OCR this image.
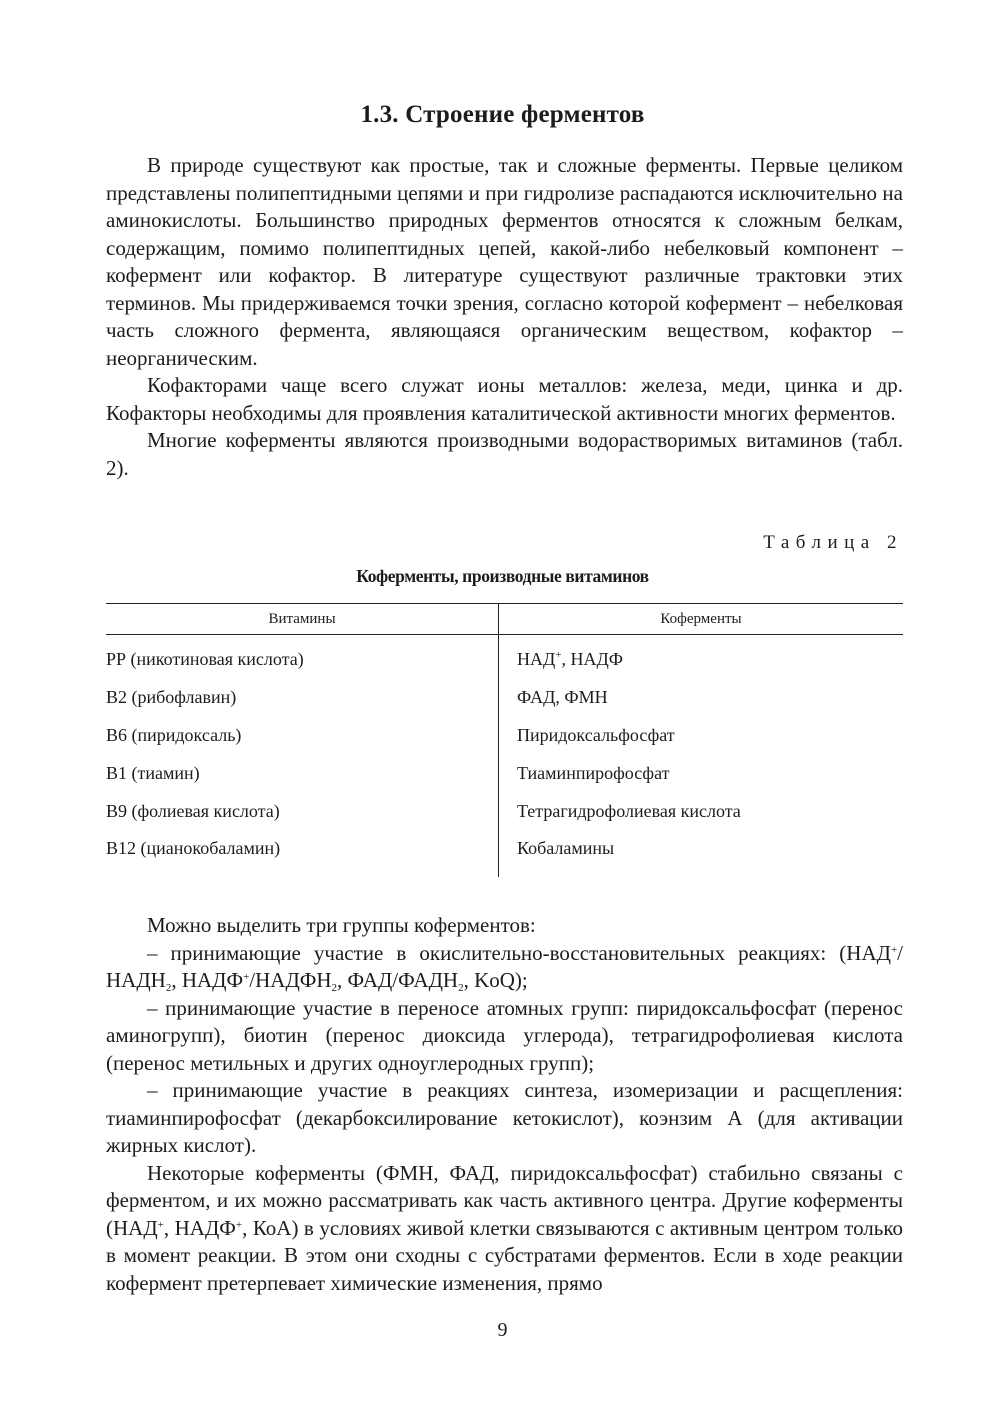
1.3. Строение ферментов

В природе существуют как простые, так и сложные ферменты. Первые целиком представлены полипептидными цепями и при гидролизе распадаются исключительно на аминокислоты. Большинство природных ферментов относятся к сложным белкам, содержащим, помимо полипептидных цепей, какой-либо небелковый компонент – кофермент или кофактор. В литературе существуют различные трактовки этих терминов. Мы придерживаемся точки зрения, согласно которой кофермент – небелковая часть сложного фермента, являющаяся органическим веществом, кофактор – неорганическим.

Кофакторами чаще всего служат ионы металлов: железа, меди, цинка и др. Кофакторы необходимы для проявления каталитической активности многих ферментов.

Многие коферменты являются производными водорастворимых витаминов (табл. 2).

Таблица 2
Коферменты, производные витаминов
Витамины	Коферменты
РР (никотиновая кислота)
В2 (рибофлавин)
В6 (пиридоксаль)
В1 (тиамин)
В9 (фолиевая кислота)
В12 (цианокобаламин)
НАД+, НАДФ
ФАД, ФМН
Пиридоксальфосфат
Тиаминпирофосфат
Тетрагидрофолиевая кислота
Кобаламины

Можно выделить три группы коферментов:

– принимающие участие в окислительно-восстановительных реакциях: ($НАД^+/НАДН_2$, $НАДФ^+/НАДФН_2$, ФАД/$ФАДН_2$, KoQ);

– принимающие участие в переносе атомных групп: пиридоксальфосфат (перенос аминогрупп), биотин (перенос диоксида углерода), тетрагидрофолиевая кислота (перенос метильных и других одноуглеродных групп);

– принимающие участие в реакциях синтеза, изомеризации и расщепления: тиаминпирофосфат (декарбоксилирование кетокислот), коэнзим А (для активации жирных кислот).

Некоторые коферменты (ФМН, ФАД, пиридоксальфосфат) стабильно связаны с ферментом, и их можно рассматривать как часть активного центра. Другие коферменты (НАД+, НАДФ+, КоА) в условиях живой клетки связываются с активным центром только в момент реакции. В этом они сходны с субстратами ферментов. Если в ходе реакции кофермент претерпевает химические изменения, прямо

9
